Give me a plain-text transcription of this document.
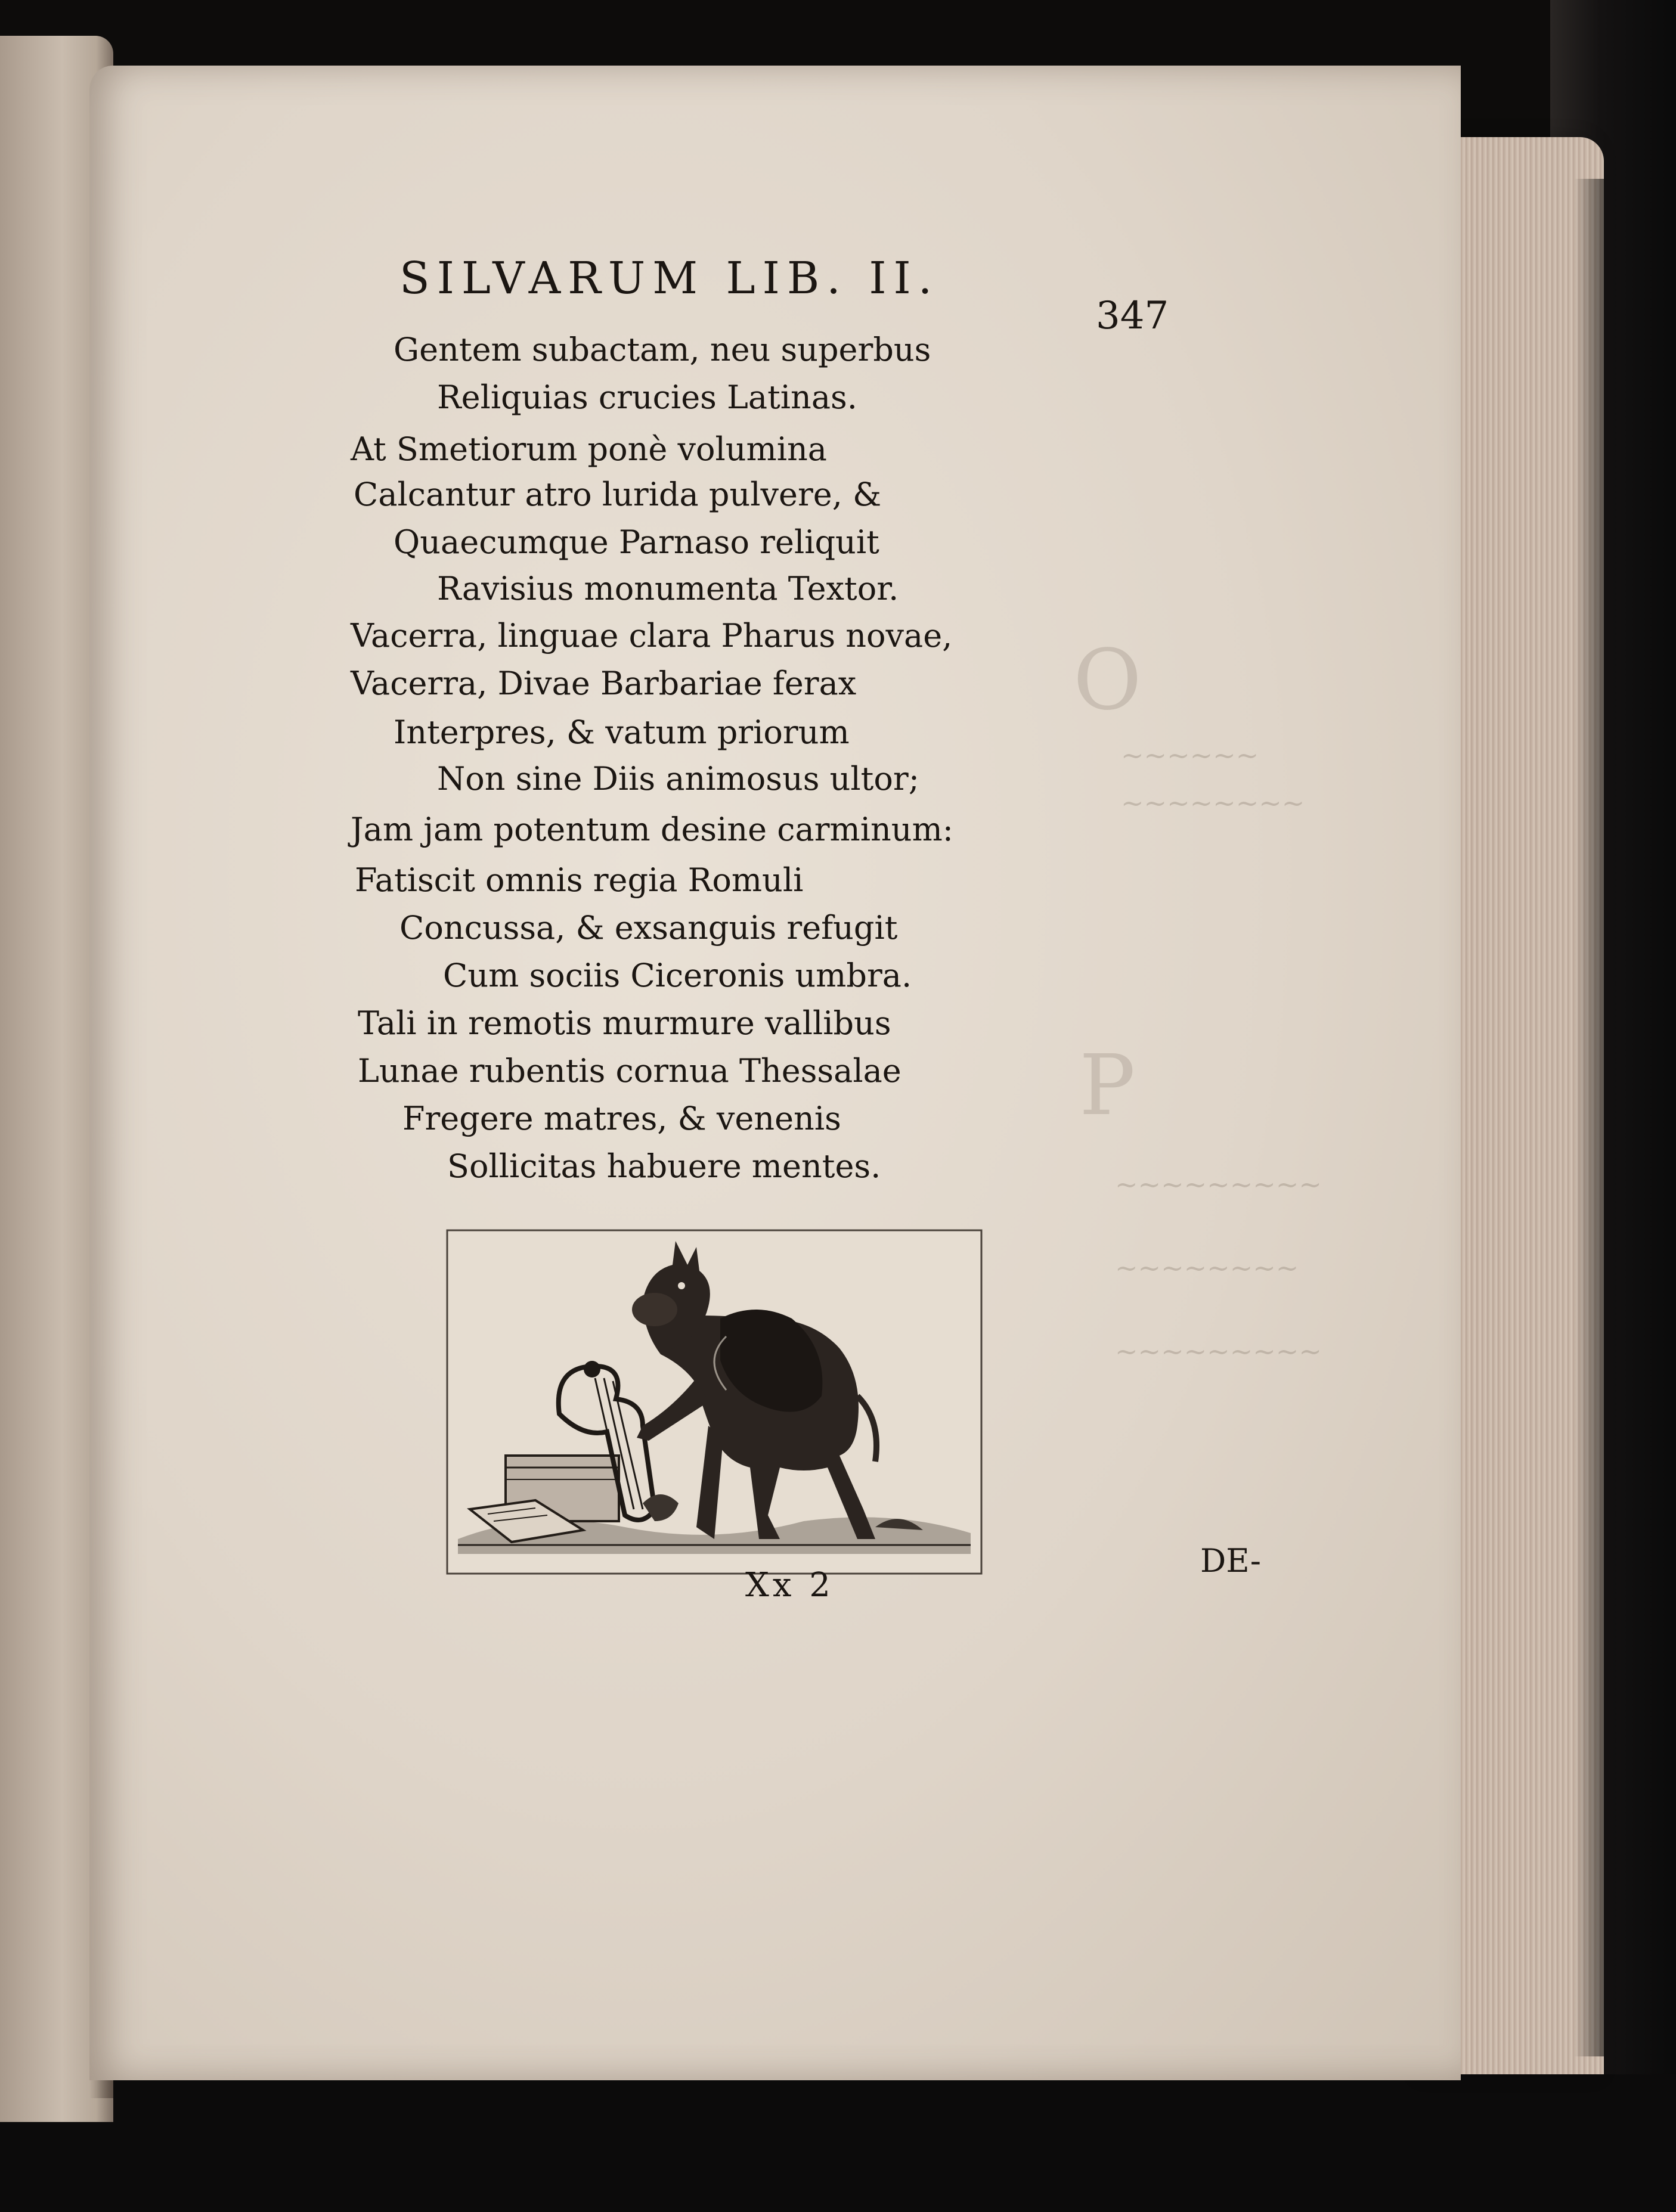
O
P
~~~~~~
~~~~~~~~
~~~~~~~~~
~~~~~~~~
~~~~~~~~~
SILVARUM LIB. II.
347
Gentem subactam, neu superbus
Reliquias crucies Latinas.
At Smetiorum ponè volumina
Calcantur atro lurida pulvere, &
Quaecumque Parnaso reliquit
Ravisius monumenta Textor.
Vacerra, linguae clara Pharus novae,
Vacerra, Divae Barbariae ferax
Interpres, & vatum priorum
Non sine Diis animosus ultor;
Jam jam potentum desine carminum:
Fatiscit omnis regia Romuli
Concussa, & exsanguis refugit
Cum sociis Ciceronis umbra.
Tali in remotis murmure vallibus
Lunae rubentis cornua Thessalae
Fregere matres, & venenis
Sollicitas habuere mentes.
Xx 2
DE-
